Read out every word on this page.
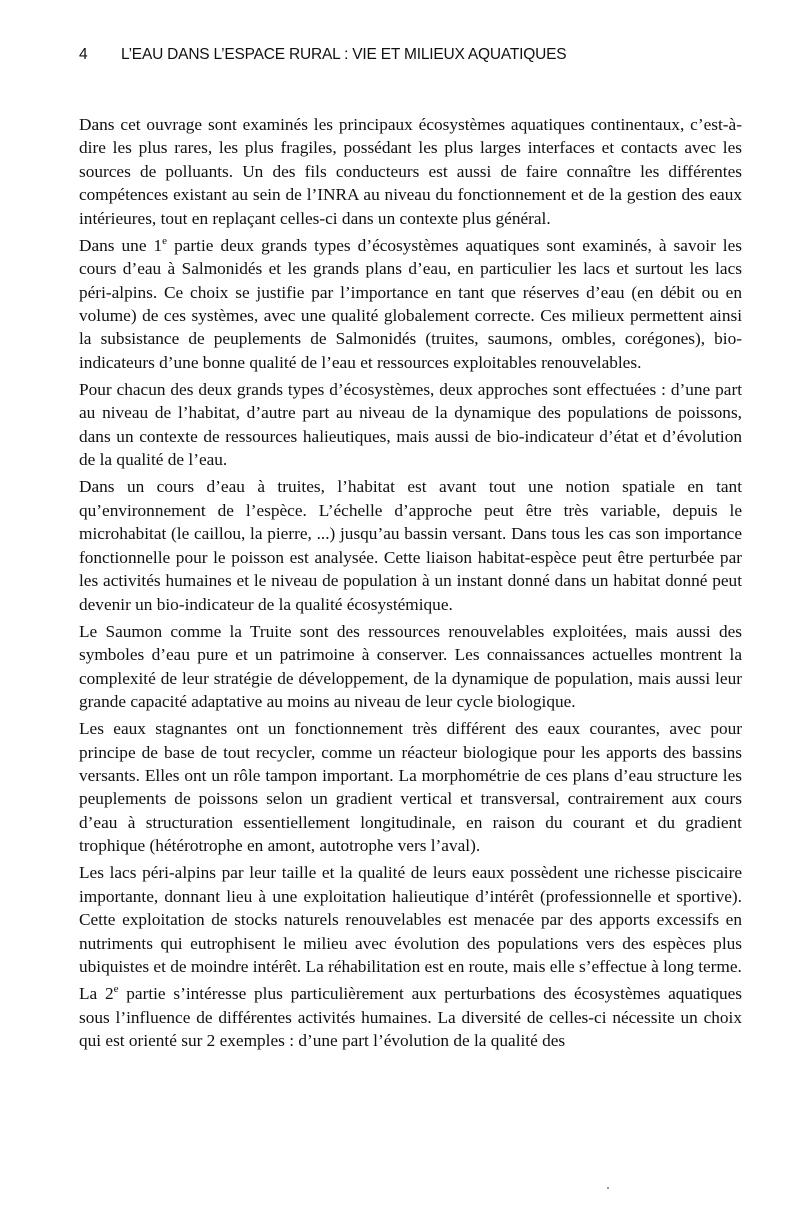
4	L’EAU DANS L’ESPACE RURAL : VIE ET MILIEUX AQUATIQUES

Dans cet ouvrage sont examinés les principaux écosystèmes aquatiques continentaux, c’est-à-dire les plus rares, les plus fragiles, possédant les plus larges interfaces et contacts avec les sources de polluants. Un des fils conducteurs est aussi de faire connaître les différentes compétences existant au sein de l’INRA au niveau du fonctionnement et de la gestion des eaux intérieures, tout en replaçant celles-ci dans un contexte plus général.

Dans une 1e partie deux grands types d’écosystèmes aquatiques sont examinés, à savoir les cours d’eau à Salmonidés et les grands plans d’eau, en particulier les lacs et surtout les lacs péri-alpins. Ce choix se justifie par l’importance en tant que réserves d’eau (en débit ou en volume) de ces systèmes, avec une qualité globalement correcte. Ces milieux permettent ainsi la subsistance de peuplements de Salmonidés (truites, saumons, ombles, corégones), bio-indicateurs d’une bonne qualité de l’eau et ressources exploitables renouvelables.

Pour chacun des deux grands types d’écosystèmes, deux approches sont effectuées : d’une part au niveau de l’habitat, d’autre part au niveau de la dynamique des populations de poissons, dans un contexte de ressources halieutiques, mais aussi de bio-indicateur d’état et d’évolution de la qualité de l’eau.

Dans un cours d’eau à truites, l’habitat est avant tout une notion spatiale en tant qu’environnement de l’espèce. L’échelle d’approche peut être très variable, depuis le microhabitat (le caillou, la pierre, ...) jusqu’au bassin versant. Dans tous les cas son importance fonctionnelle pour le poisson est analysée. Cette liaison habitat-espèce peut être perturbée par les activités humaines et le niveau de population à un instant donné dans un habitat donné peut devenir un bio-indicateur de la qualité écosystémique.

Le Saumon comme la Truite sont des ressources renouvelables exploitées, mais aussi des symboles d’eau pure et un patrimoine à conserver. Les connaissances actuelles montrent la complexité de leur stratégie de développement, de la dynamique de population, mais aussi leur grande capacité adaptative au moins au niveau de leur cycle biologique.

Les eaux stagnantes ont un fonctionnement très différent des eaux courantes, avec pour principe de base de tout recycler, comme un réacteur biologique pour les apports des bassins versants. Elles ont un rôle tampon important. La morphométrie de ces plans d’eau structure les peuplements de poissons selon un gradient vertical et transversal, contrairement aux cours d’eau à structuration essentiellement longitudinale, en raison du courant et du gradient trophique (hétérotrophe en amont, autotrophe vers l’aval).

Les lacs péri-alpins par leur taille et la qualité de leurs eaux possèdent une richesse piscicaire importante, donnant lieu à une exploitation halieutique d’intérêt (professionnelle et sportive). Cette exploitation de stocks naturels renouvelables est menacée par des apports excessifs en nutriments qui eutrophisent le milieu avec évolution des populations vers des espèces plus ubiquistes et de moindre intérêt. La réhabilitation est en route, mais elle s’effectue à long terme.

La 2e partie s’intéresse plus particulièrement aux perturbations des écosystèmes aquatiques sous l’influence de différentes activités humaines. La diversité de celles-ci nécessite un choix qui est orienté sur 2 exemples : d’une part l’évolution de la qualité des
